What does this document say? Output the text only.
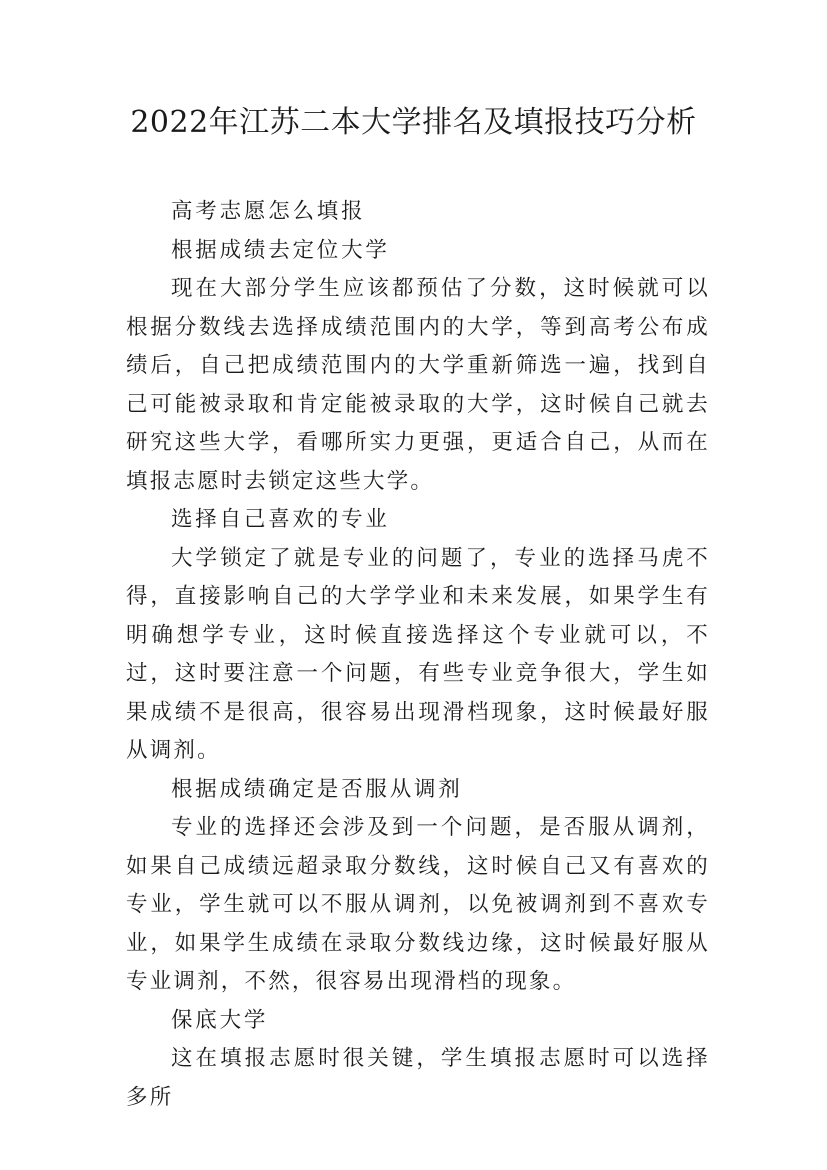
2022年江苏二本大学排名及填报技巧分析

高考志愿怎么填报

根据成绩去定位大学

现在大部分学生应该都预估了分数，这时候就可以根据分数线去选择成绩范围内的大学，等到高考公布成绩后，自己把成绩范围内的大学重新筛选一遍，找到自己可能被录取和肯定能被录取的大学，这时候自己就去研究这些大学，看哪所实力更强，更适合自己，从而在填报志愿时去锁定这些大学。

选择自己喜欢的专业

大学锁定了就是专业的问题了，专业的选择马虎不得，直接影响自己的大学学业和未来发展，如果学生有明确想学专业，这时候直接选择这个专业就可以，不过，这时要注意一个问题，有些专业竞争很大，学生如果成绩不是很高，很容易出现滑档现象，这时候最好服从调剂。

根据成绩确定是否服从调剂

专业的选择还会涉及到一个问题，是否服从调剂，如果自己成绩远超录取分数线，这时候自己又有喜欢的专业，学生就可以不服从调剂，以免被调剂到不喜欢专业，如果学生成绩在录取分数线边缘，这时候最好服从专业调剂，不然，很容易出现滑档的现象。

保底大学

这在填报志愿时很关键，学生填报志愿时可以选择多所
